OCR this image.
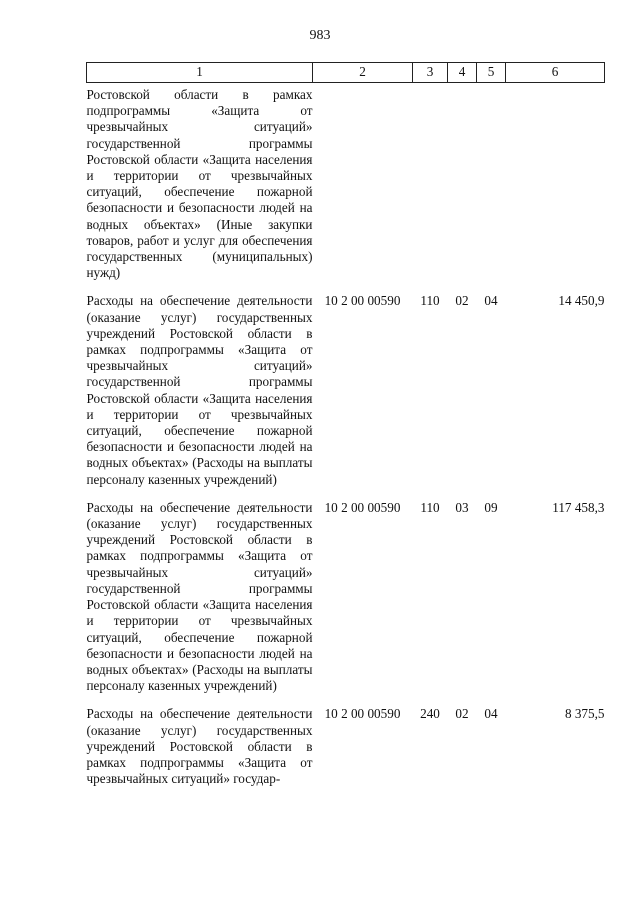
983
1	2	3	4	5	6
Ростовской области в рамках подпрограммы «Защита от чрезвычайных ситуаций» государственной программы Ростовской области «Защита населения и территории от чрезвычайных ситуаций, обеспечение пожарной безопасности и безопасности людей на водных объектах» (Иные закупки товаров, работ и услуг для обеспечения государственных (муниципальных) нужд)					
Расходы на обеспечение деятельности (оказание услуг) государственных учреждений Ростовской области в рамках подпрограммы «Защита от чрезвычайных ситуаций» государственной программы Ростовской области «Защита населения и территории от чрезвычайных ситуаций, обеспечение пожарной безопасности и безопасности людей на водных объектах» (Расходы на выплаты персоналу казенных учреждений)	10 2 00 00590	110	02	04	14 450,9
Расходы на обеспечение деятельности (оказание услуг) государственных учреждений Ростовской области в рамках подпрограммы «Защита от чрезвычайных ситуаций» государственной программы Ростовской области «Защита населения и территории от чрезвычайных ситуаций, обеспечение пожарной безопасности и безопасности людей на водных объектах» (Расходы на выплаты персоналу казенных учреждений)	10 2 00 00590	110	03	09	117 458,3
Расходы на обеспечение деятельности (оказание услуг) государственных учреждений Ростовской области в рамках подпрограммы «Защита от чрезвычайных ситуаций» государ-	10 2 00 00590	240	02	04	8 375,5
